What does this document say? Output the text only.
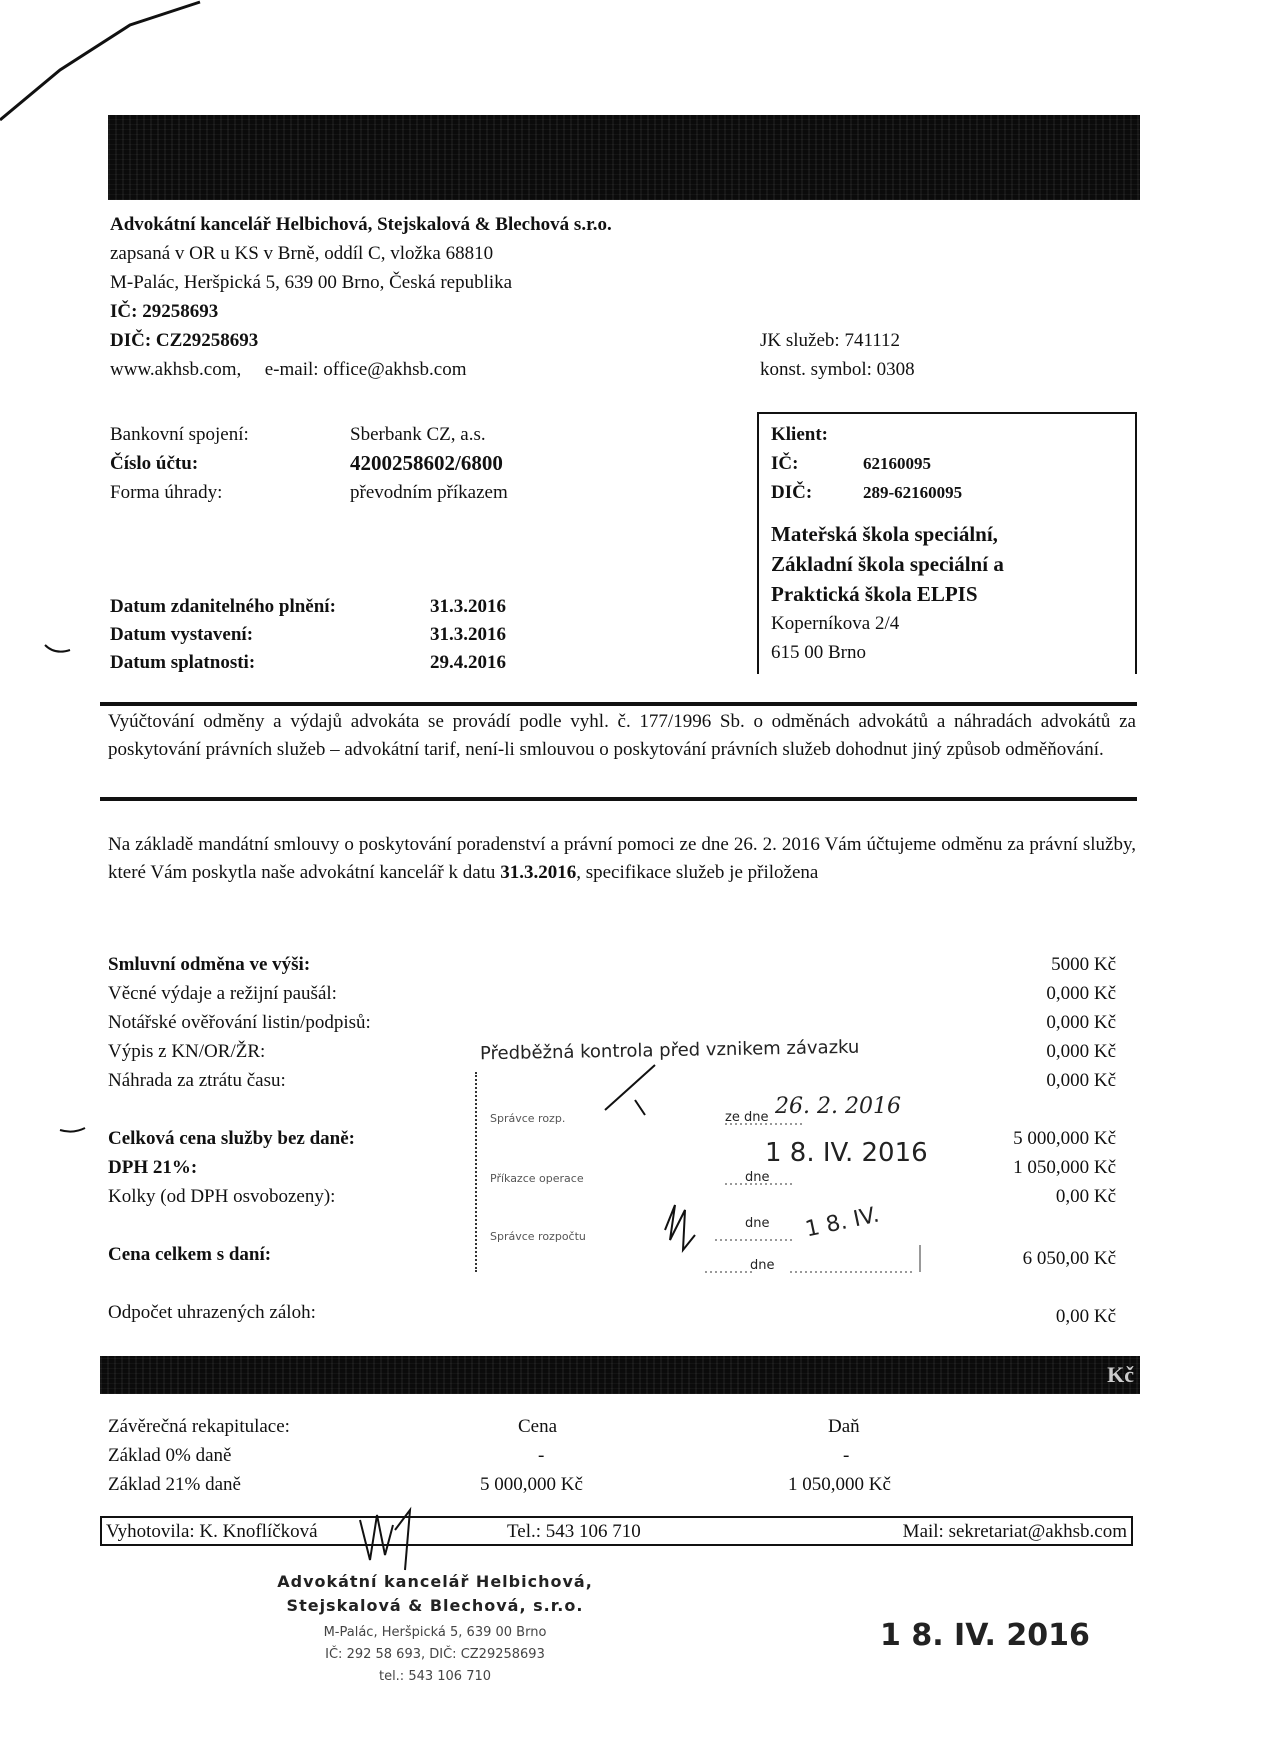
Advokátní kancelář Helbichová, Stejskalová & Blechová s.r.o.
zapsaná v OR u KS v Brně, oddíl C, vložka 68810
M-Palác, Heršpická 5, 639 00 Brno, Česká republika
IČ: 29258693
DIČ: CZ29258693
www.akhsb.com, e-mail: office@akhsb.com
JK služeb: 741112
konst. symbol: 0308
Bankovní spojení:	Sberbank CZ, a.s.
Číslo účtu:	4200258602/6800
Forma úhrady:	převodním příkazem
Datum zdanitelného plnění:	31.3.2016
Datum vystavení:	31.3.2016
Datum splatnosti:	29.4.2016
Klient:
IČ:	62160095
DIČ:	289-62160095
Mateřská škola speciální,
Základní škola speciální a
Praktická škola ELPIS
Koperníkova 2/4
615 00 Brno
Vyúčtování odměny a výdajů advokáta se provádí podle vyhl. č. 177/1996 Sb. o odměnách advokátů a náhradách advokátů za poskytování právních služeb – advokátní tarif, není-li smlouvou o poskytování právních služeb dohodnut jiný způsob odměňování.
Na základě mandátní smlouvy o poskytování poradenství a právní pomoci ze dne 26. 2. 2016 Vám účtujeme odměnu za právní služby, které Vám poskytla naše advokátní kancelář k datu 31.3.2016, specifikace služeb je přiložena
Smluvní odměna ve výši:	5000 Kč
Věcné výdaje a režijní paušál:	0,000 Kč
Notářské ověřování listin/podpisů:	0,000 Kč
Výpis z KN/OR/ŽR:	0,000 Kč
Náhrada za ztrátu času:	0,000 Kč
Celková cena služby bez daně:	5 000,000 Kč
DPH 21%:	1 050,000 Kč
Kolky (od DPH osvobozeny):	0,00 Kč
Cena celkem s daní:	6 050,00 Kč
Odpočet uhrazených záloh:	0,00 Kč
Předběžná kontrola před vznikem závazku
Správce rozp.	ze dne 26. 2. 2016
Příkazce operace	dne
1 8. IV. 2016
Správce rozpočtu
dne 1 8. IV.
dne
Kč
Závěrečná rekapitulace:	Cena	Daň
Základ 0% daně	-	-
Základ 21% daně	5 000,000 Kč	1 050,000 Kč
Vyhotovila: K. Knoflíčková	Tel.: 543 106 710	Mail: sekretariat@akhsb.com
Advokátní kancelář Helbichová,
Stejskalová & Blechová, s.r.o.
M-Palác, Heršpická 5, 639 00 Brno
IČ: 292 58 693, DIČ: CZ29258693
tel.: 543 106 710
1 8. IV. 2016
